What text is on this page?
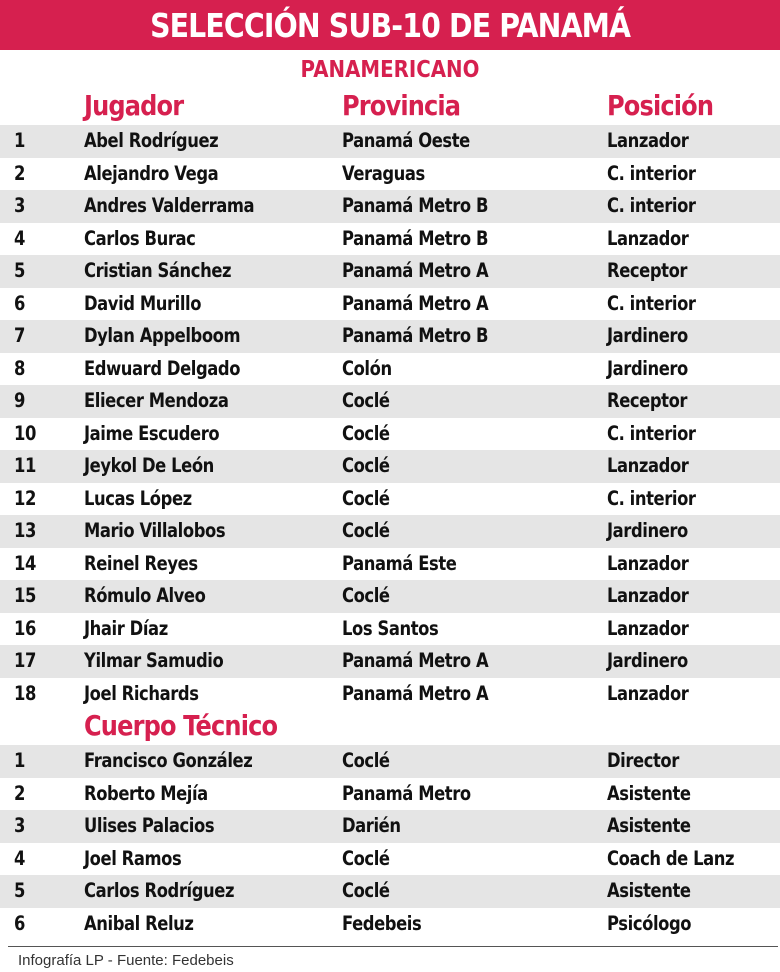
SELECCIÓN SUB-10 DE PANAMÁ
PANAMERICANO
Jugador	Provincia	Posición
1	Abel Rodríguez	Panamá Oeste	Lanzador
2	Alejandro Vega	Veraguas	C. interior
3	Andres Valderrama	Panamá Metro B	C. interior
4	Carlos Burac	Panamá Metro B	Lanzador
5	Cristian Sánchez	Panamá Metro A	Receptor
6	David Murillo	Panamá Metro A	C. interior
7	Dylan Appelboom	Panamá Metro B	Jardinero
8	Edwuard Delgado	Colón	Jardinero
9	Eliecer Mendoza	Coclé	Receptor
10 Jaime Escudero	Coclé	C. interior
11 Jeykol De León	Coclé	Lanzador
12 Lucas López	Coclé	C. interior
13 Mario Villalobos	Coclé	Jardinero
14 Reinel Reyes	Panamá Este	Lanzador
15 Rómulo Alveo	Coclé	Lanzador
16 Jhair Díaz	Los Santos	Lanzador
17 Yilmar Samudio	Panamá Metro A	Jardinero
18 Joel Richards	Panamá Metro A	Lanzador
Cuerpo Técnico
1	Francisco González	Coclé	Director
2	Roberto Mejía	Panamá Metro	Asistente
3	Ulises Palacios	Darién	Asistente
4	Joel Ramos	Coclé	Coach de Lanz
5	Carlos Rodríguez	Coclé	Asistente
6	Anibal Reluz	Fedebeis	Psicólogo
Infografía LP - Fuente: Fedebeis
